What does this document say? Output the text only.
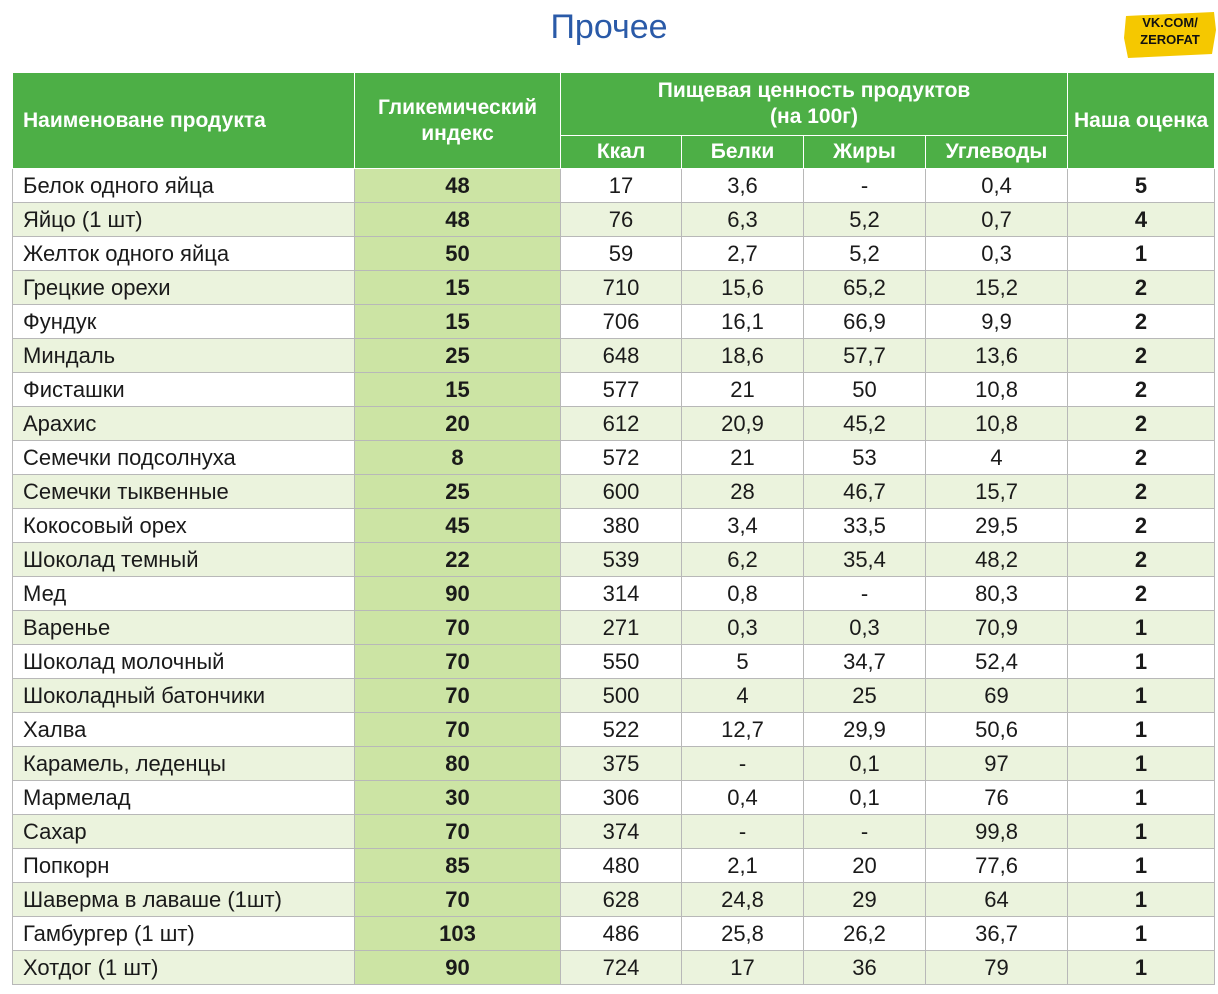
Прочее	VK.COM/
ZEROFAT
Наименоване продукта	Гликемический индекс	Пищевая ценность продуктов
(на 100г)				Наша оценка
		Ккал	Белки	Жиры	Углеводы	
Белок одного яйца	48	17	3,6	-	0,4	5
Яйцо (1 шт)	48	76	6,3	5,2	0,7	4
Желток одного яйца	50	59	2,7	5,2	0,3	1
Грецкие орехи	15	710	15,6	65,2	15,2	2
Фундук	15	706	16,1	66,9	9,9	2
Миндаль	25	648	18,6	57,7	13,6	2
Фисташки	15	577	21	50	10,8	2
Арахис	20	612	20,9	45,2	10,8	2
Семечки подсолнуха	8	572	21	53	4	2
Семечки тыквенные	25	600	28	46,7	15,7	2
Кокосовый орех	45	380	3,4	33,5	29,5	2
Шоколад темный	22	539	6,2	35,4	48,2	2
Мед	90	314	0,8	-	80,3	2
Варенье	70	271	0,3	0,3	70,9	1
Шоколад молочный	70	550	5	34,7	52,4	1
Шоколадный батончики	70	500	4	25	69	1
Халва	70	522	12,7	29,9	50,6	1
Карамель, леденцы	80	375	-	0,1	97	1
Мармелад	30	306	0,4	0,1	76	1
Сахар	70	374	-	-	99,8	1
Попкорн	85	480	2,1	20	77,6	1
Шаверма в лаваше (1шт)	70	628	24,8	29	64	1
Гамбургер (1 шт)	103	486	25,8	26,2	36,7	1
Хотдог (1 шт)	90	724	17	36	79	1
